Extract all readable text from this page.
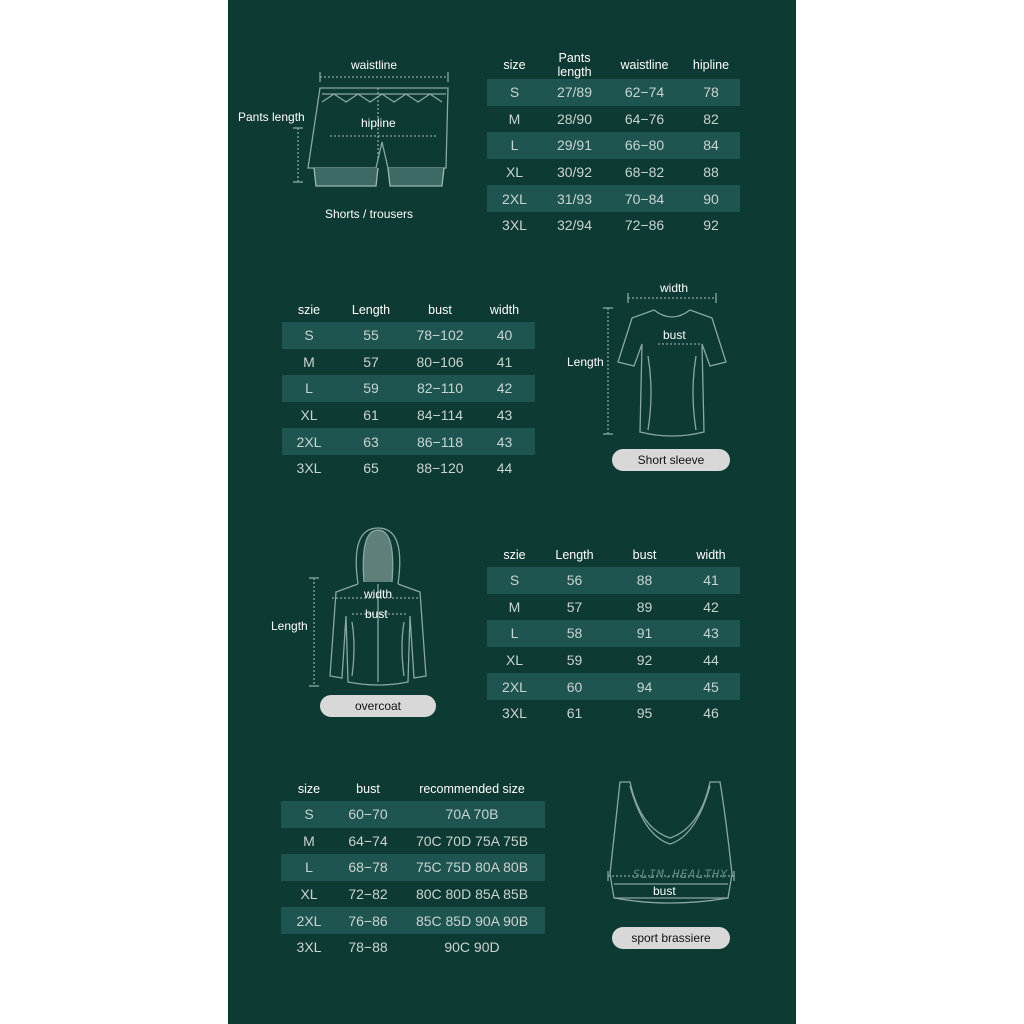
waistline
Pants length	hipline
Shorts / trousers
size	Pants length	waistline	hipline
S	27/89	62−74	78
M	28/90	64−76	82
L	29/91	66−80	84
XL	30/92	68−82	88
2XL	31/93	70−84	90
3XL	32/94	72−86	92
szie	Length	bust	width
S	55	78−102	40
M	57	80−106	41
L	59	82−110	42
XL	61	84−114	43
2XL	63	86−118	43
3XL	65	88−120	44
width
bust
Length
Short sleeve
width
bust
Length
overcoat
szie	Length	bust	width
S	56	88	41
M	57	89	42
L	58	91	43
XL	59	92	44
2XL	60	94	45
3XL	61	95	46
size	bust	recommended size
S	60−70	70A 70B
M	64−74	70C 70D 75A 75B
L	68−78	75C 75D 80A 80B
XL	72−82	80C 80D 85A 85B
2XL	76−86	85C 85D 90A 90B
3XL	78−88	90C 90D
SLIM.HEALTHY
bust
sport brassiere
